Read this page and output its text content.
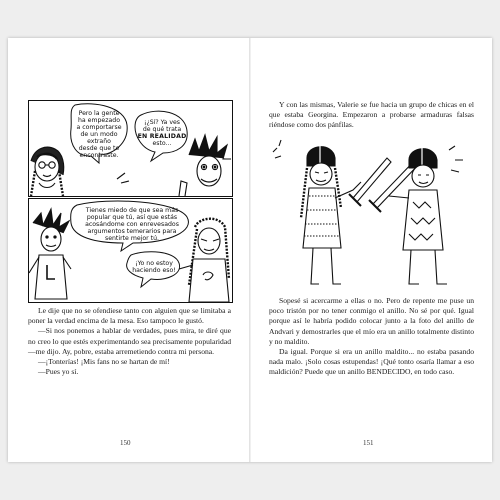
Pero la gente
ha empezado
a comportarse
de un modo
extraño
desde que te
encontraste.
¡¿Sí? Ya ves
de qué trata
EN REALIDAD
esto...
Tienes miedo de que sea más
popular que tú, así que estás
acosándome con enrevesados
argumentos temerarios para
sentirte mejor tú.
¡Yo no estoy
haciendo eso!

Le dije que no se ofendiese tanto con alguien que se limitaba a poner la verdad encima de la mesa. Eso tampoco le gustó.

—Si nos ponemos a hablar de verdades, pues mira, te diré que no creo lo que estés experimentando sea precisamente popularidad —me dijo. Ay, pobre, estaba arremetiendo contra mi persona.

—¡Tonterías! ¡Mis fans no se hartan de mí!

—Pues yo sí.

150

Y con las mismas, Valerie se fue hacia un grupo de chicas en el que estaba Georgina. Empezaron a probarse armaduras falsas riéndose como dos pánfilas.

Sopesé si acercarme a ellas o no. Pero de repente me puse un poco tristón por no tener conmigo el anillo. No sé por qué. Igual porque así le habría podido colocar junto a la foto del anillo de Andvari y demostrarles que el mío era un anillo totalmente distinto y no maldito.

Da igual. Porque si era un anillo maldito... no estaba pasando nada malo. ¡Solo cosas estupendas! ¡Qué tonto osaría llamar a eso maldición? Puede que un anillo BENDECIDO, en todo caso.

151
